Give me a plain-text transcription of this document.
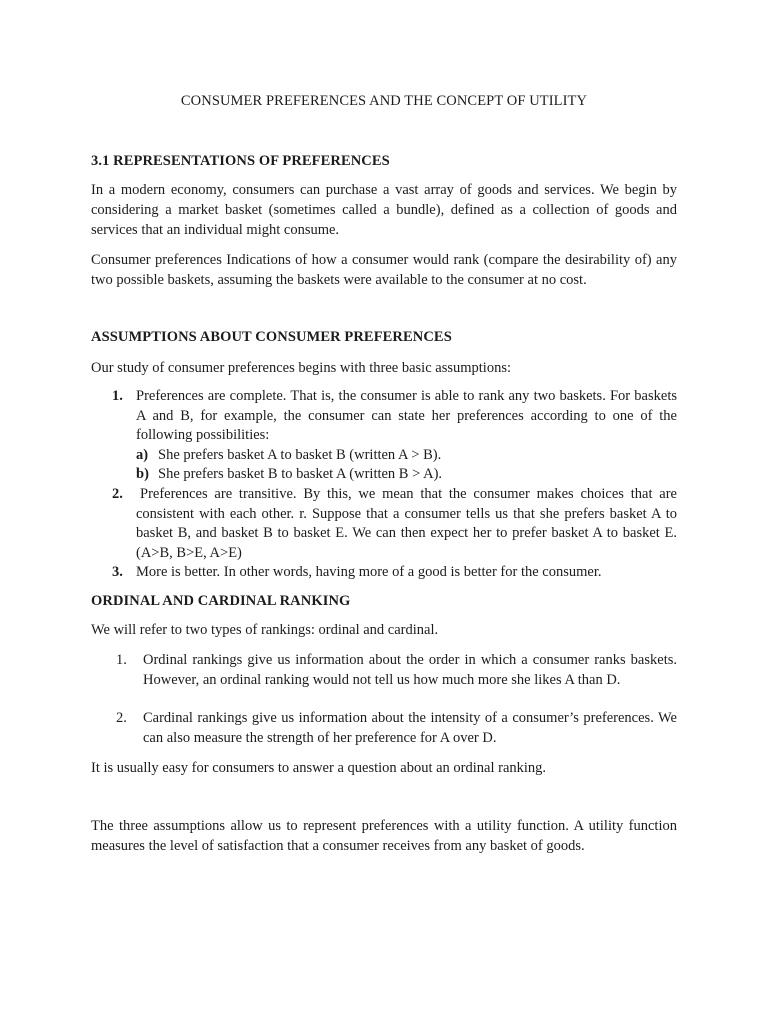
CONSUMER PREFERENCES AND THE CONCEPT OF UTILITY
3.1 REPRESENTATIONS OF PREFERENCES
In a modern economy, consumers can purchase a vast array of goods and services. We begin by considering a market basket (sometimes called a bundle), defined as a collection of goods and services that an individual might consume.
Consumer preferences Indications of how a consumer would rank (compare the desirability of) any two possible baskets, assuming the baskets were available to the consumer at no cost.
ASSUMPTIONS ABOUT CONSUMER PREFERENCES
Our study of consumer preferences begins with three basic assumptions:
1. Preferences are complete. That is, the consumer is able to rank any two baskets. For baskets A and B, for example, the consumer can state her preferences according to one of the following possibilities:
a) She prefers basket A to basket B (written A > B).
b) She prefers basket B to basket A (written B > A).
2. Preferences are transitive. By this, we mean that the consumer makes choices that are consistent with each other. r. Suppose that a consumer tells us that she prefers basket A to basket B, and basket B to basket E. We can then expect her to prefer basket A to basket E. (A>B, B>E, A>E)
3. More is better. In other words, having more of a good is better for the consumer.
ORDINAL AND CARDINAL RANKING
We will refer to two types of rankings: ordinal and cardinal.
1. Ordinal rankings give us information about the order in which a consumer ranks baskets. However, an ordinal ranking would not tell us how much more she likes A than D.
2. Cardinal rankings give us information about the intensity of a consumer’s preferences. We can also measure the strength of her preference for A over D.
It is usually easy for consumers to answer a question about an ordinal ranking.
The three assumptions allow us to represent preferences with a utility function. A utility function measures the level of satisfaction that a consumer receives from any basket of goods.
